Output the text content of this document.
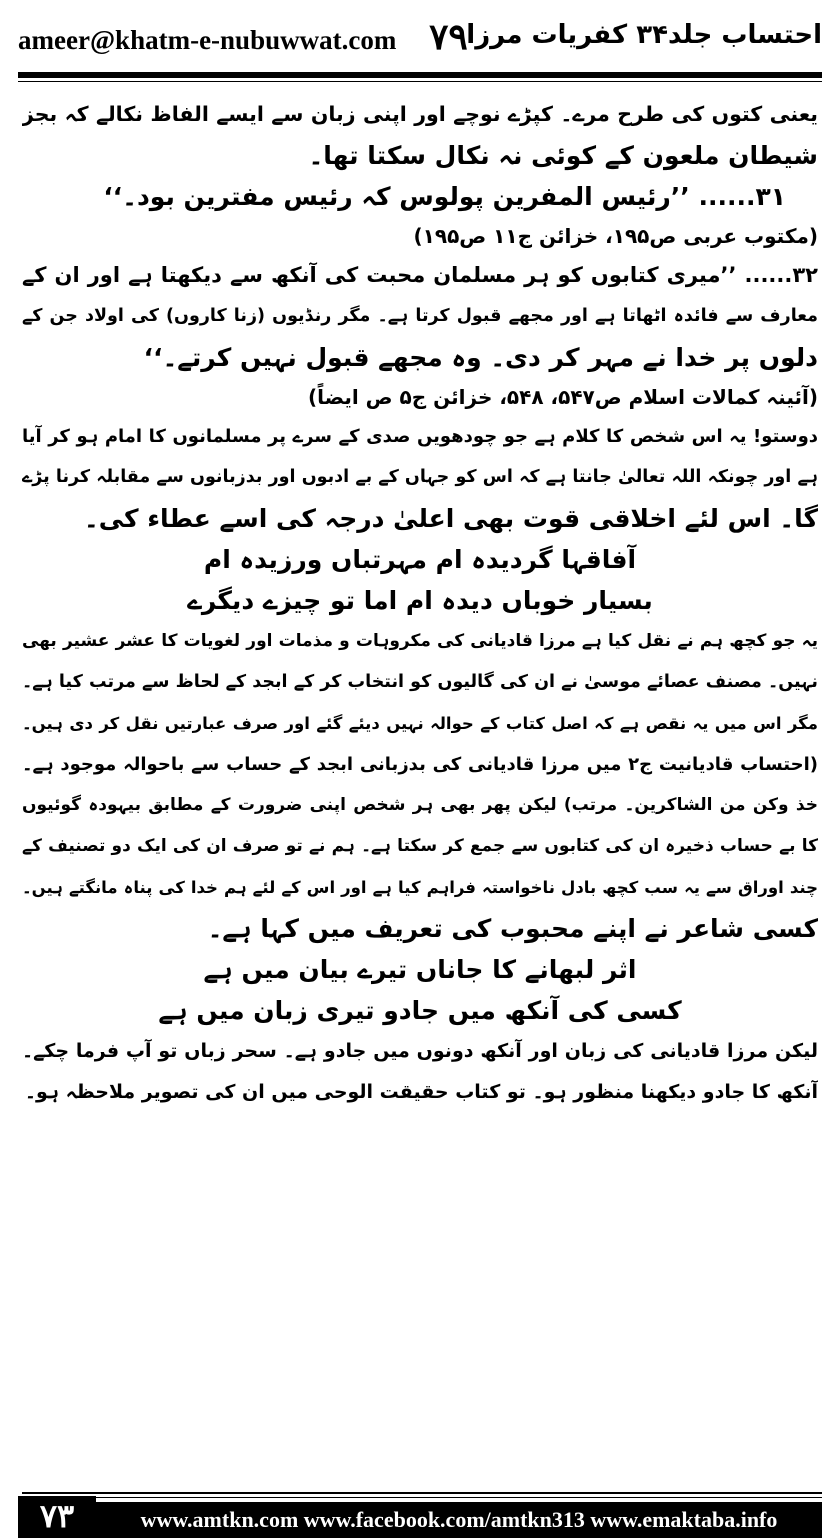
ameer@khatm-e-nubuwwat.com ۷۹
احتساب جلد۳۴ کفریات مرزا
یعنی کتوں کی طرح مرے۔ کپڑے نوچے اور اپنی زبان سے ایسے الفاظ نکالے کہ بجز
شیطان ملعون کے کوئی نہ نکال سکتا تھا۔
۳۱...... ’’رئیس المفرین پولوس کہ رئیس مفترین بود۔‘‘
(مکتوب عربی ص۱۹۵، خزائن ج۱۱ ص۱۹۵)
۳۲...... ’’میری کتابوں کو ہر مسلمان محبت کی آنکھ سے دیکھتا ہے اور ان کے
معارف سے فائدہ اٹھاتا ہے اور مجھے قبول کرتا ہے۔ مگر رنڈیوں (زنا کاروں) کی اولاد جن کے
دلوں پر خدا نے مہر کر دی۔ وہ مجھے قبول نہیں کرتے۔‘‘
(آئینہ کمالات اسلام ص۵۴۷، ۵۴۸، خزائن ج۵ ص ایضاً)
دوستو! یہ اس شخص کا کلام ہے جو چودھویں صدی کے سرے پر مسلمانوں کا امام ہو کر آیا
ہے اور چونکہ اللہ تعالیٰ جانتا ہے کہ اس کو جہاں کے بے ادبوں اور بدزبانوں سے مقابلہ کرنا پڑے
گا۔ اس لئے اخلاقی قوت بھی اعلیٰ درجہ کی اسے عطاء کی۔
آفاقہا گردیدہ ام مہرتباں ورزیدہ ام
بسیار خوباں دیدہ ام اما تو چیزے دیگرے
یہ جو کچھ ہم نے نقل کیا ہے مرزا قادیانی کی مکروہات و مذمات اور لغویات کا عشر عشیر بھی
نہیں۔ مصنف عصائے موسیٰ نے ان کی گالیوں کو انتخاب کر کے ابجد کے لحاظ سے مرتب کیا ہے۔
مگر اس میں یہ نقص ہے کہ اصل کتاب کے حوالہ نہیں دیئے گئے اور صرف عبارتیں نقل کر دی ہیں۔
(احتساب قادیانیت ج۲ میں مرزا قادیانی کی بدزبانی ابجد کے حساب سے باحوالہ موجود ہے۔
خذ وکن من الشاکرین۔ مرتب) لیکن پھر بھی ہر شخص اپنی ضرورت کے مطابق بیہودہ گوئیوں
کا بے حساب ذخیرہ ان کی کتابوں سے جمع کر سکتا ہے۔ ہم نے تو صرف ان کی ایک دو تصنیف کے
چند اوراق سے یہ سب کچھ بادل ناخواستہ فراہم کیا ہے اور اس کے لئے ہم خدا کی پناہ مانگتے ہیں۔
کسی شاعر نے اپنے محبوب کی تعریف میں کہا ہے۔
اثر لبھانے کا جاناں تیرے بیان میں ہے
کسی کی آنکھ میں جادو تیری زبان میں ہے
لیکن مرزا قادیانی کی زبان اور آنکھ دونوں میں جادو ہے۔ سحر زباں تو آپ فرما چکے۔
آنکھ کا جادو دیکھنا منظور ہو۔ تو کتاب حقیقت الوحی میں ان کی تصویر ملاحظہ ہو۔
۷۳	www.amtkn.com www.facebook.com/amtkn313 www.emaktaba.info
